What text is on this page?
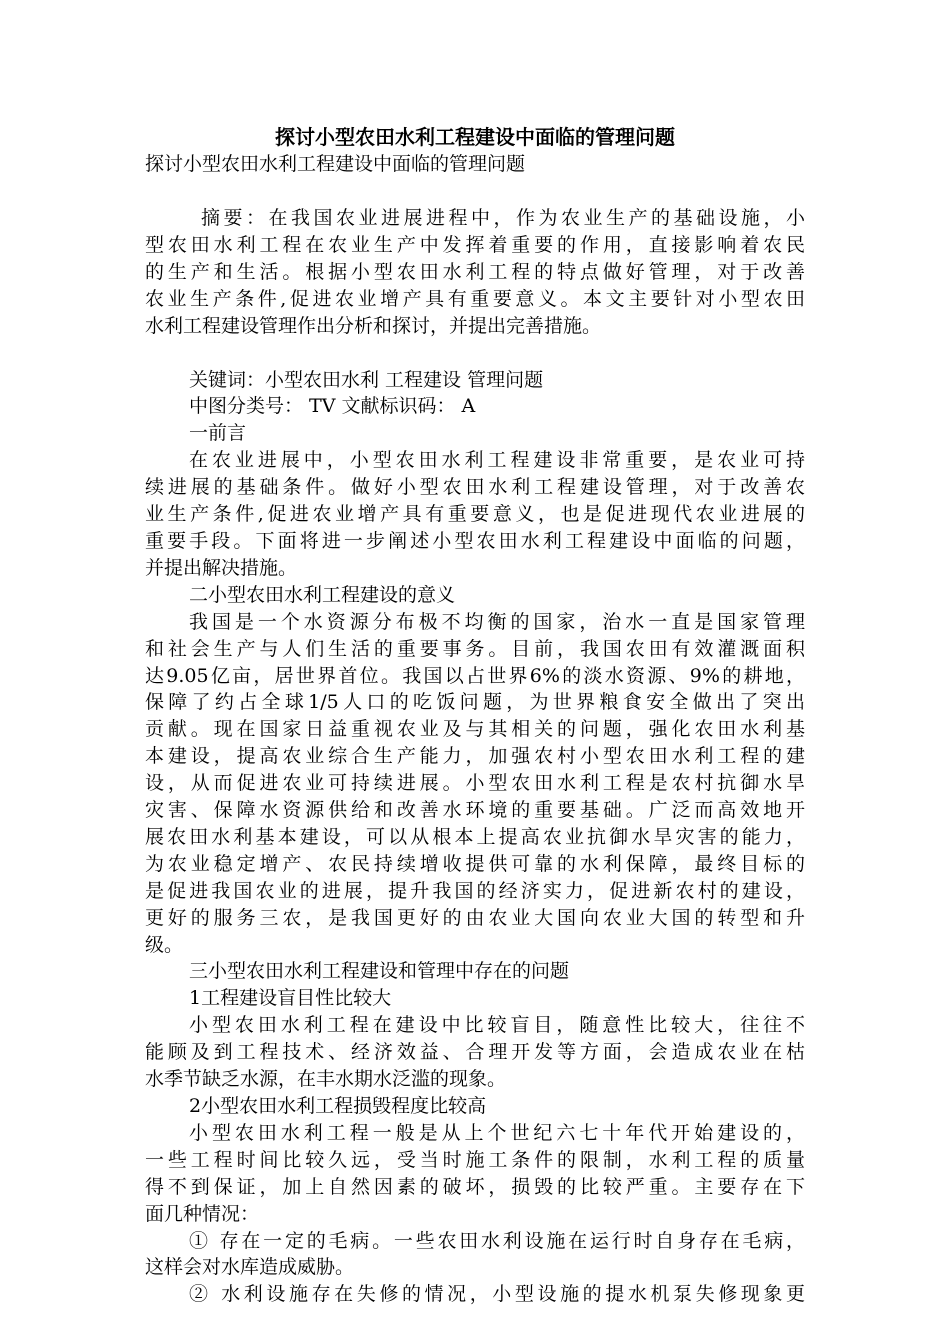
探讨小型农田水利工程建设中面临的管理问题

探讨小型农田水利工程建设中面临的管理问题

摘要：在我国农业进展进程中，作为农业生产的基础设施，小
型农田水利工程在农业生产中发挥着重要的作用，直接影响着农民
的生产和生活。根据小型农田水利工程的特点做好管理，对于改善
农业生产条件,促进农业增产具有重要意义。本文主要针对小型农田
水利工程建设管理作出分析和探讨，并提出完善措施。
关键词：小型农田水利 工程建设 管理问题
中图分类号： TV 文献标识码： A
一前言
在农业进展中，小型农田水利工程建设非常重要，是农业可持
续进展的基础条件。做好小型农田水利工程建设管理，对于改善农
业生产条件,促进农业增产具有重要意义，也是促进现代农业进展的
重要手段。下面将进一步阐述小型农田水利工程建设中面临的问题，
并提出解决措施。
二小型农田水利工程建设的意义
我国是一个水资源分布极不均衡的国家，治水一直是国家管理
和社会生产与人们生活的重要事务。目前，我国农田有效灌溉面积
达9.05亿亩，居世界首位。我国以占世界6%的淡水资源、9%的耕地，
保障了约占全球1/5人口的吃饭问题，为世界粮食安全做出了突出
贡献。现在国家日益重视农业及与其相关的问题，强化农田水利基
本建设，提高农业综合生产能力，加强农村小型农田水利工程的建
设，从而促进农业可持续进展。小型农田水利工程是农村抗御水旱
灾害、保障水资源供给和改善水环境的重要基础。广泛而高效地开
展农田水利基本建设，可以从根本上提高农业抗御水旱灾害的能力，
为农业稳定增产、农民持续增收提供可靠的水利保障，最终目标的
是促进我国农业的进展，提升我国的经济实力，促进新农村的建设，
更好的服务三农，是我国更好的由农业大国向农业大国的转型和升
级。
三小型农田水利工程建设和管理中存在的问题
1工程建设盲目性比较大
小型农田水利工程在建设中比较盲目，随意性比较大，往往不
能顾及到工程技术、经济效益、合理开发等方面，会造成农业在枯
水季节缺乏水源，在丰水期水泛滥的现象。
2小型农田水利工程损毁程度比较高
小型农田水利工程一般是从上个世纪六七十年代开始建设的，
一些工程时间比较久远，受当时施工条件的限制，水利工程的质量
得不到保证，加上自然因素的破坏，损毁的比较严重。主要存在下
面几种情况：
① 存在一定的毛病。一些农田水利设施在运行时自身存在毛病，
这样会对水库造成威胁。
② 水利设施存在失修的情况，小型设施的提水机泵失修现象更
